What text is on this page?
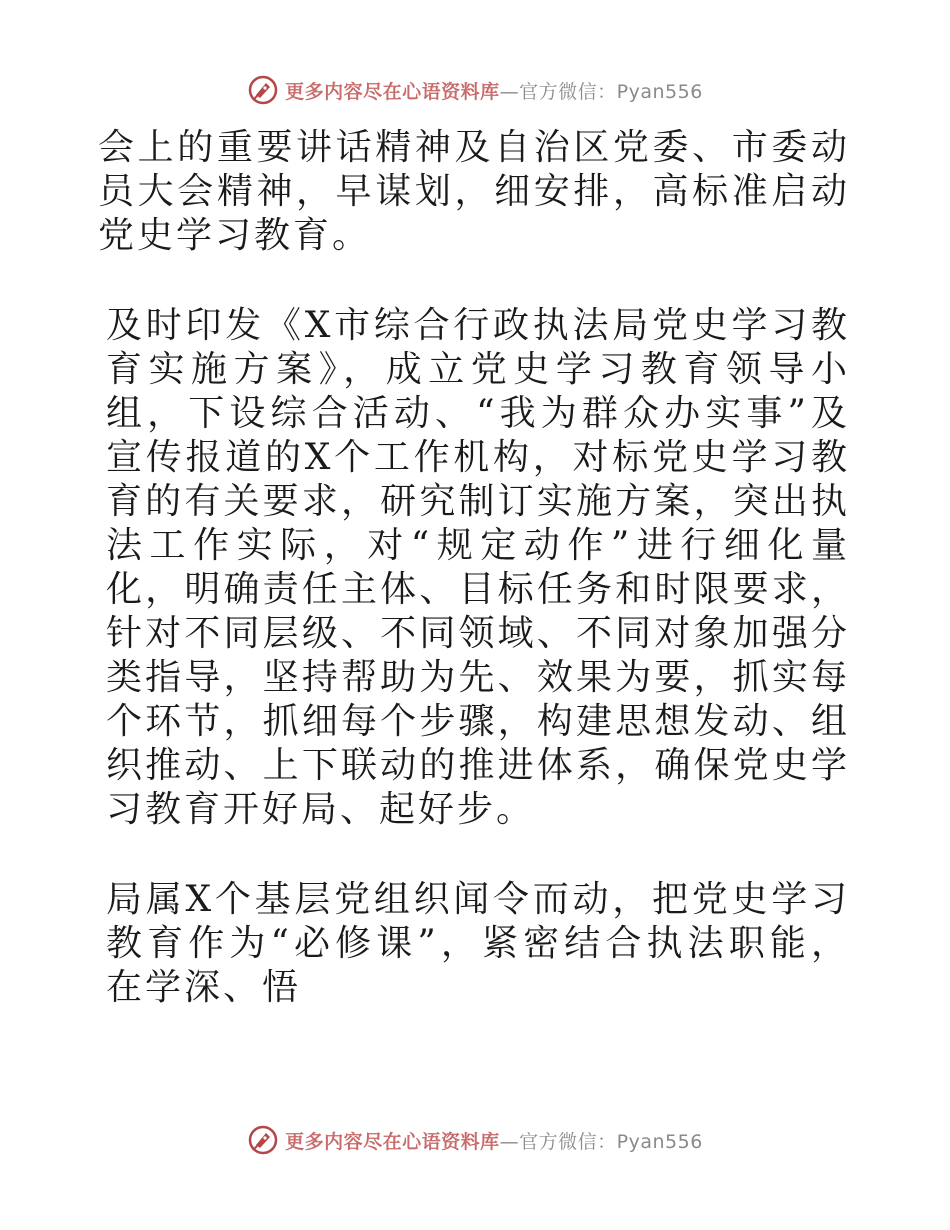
更多内容尽在心语资料库—官方微信：Pyan556

会上的重要讲话精神及自治区党委、市委动员大会精神，早谋划，细安排，高标准启动党史学习教育。

及时印发《X市综合行政执法局党史学习教育实施方案》，成立党史学习教育领导小组，下设综合活动、“我为群众办实事”及宣传报道的X个工作机构，对标党史学习教育的有关要求，研究制订实施方案，突出执法工作实际，对“规定动作”进行细化量化，明确责任主体、目标任务和时限要求，针对不同层级、不同领域、不同对象加强分类指导，坚持帮助为先、效果为要，抓实每个环节，抓细每个步骤，构建思想发动、组织推动、上下联动的推进体系，确保党史学习教育开好局、起好步。

局属X个基层党组织闻令而动，把党史学习教育作为“必修课”，紧密结合执法职能，在学深、悟

更多内容尽在心语资料库—官方微信：Pyan556
